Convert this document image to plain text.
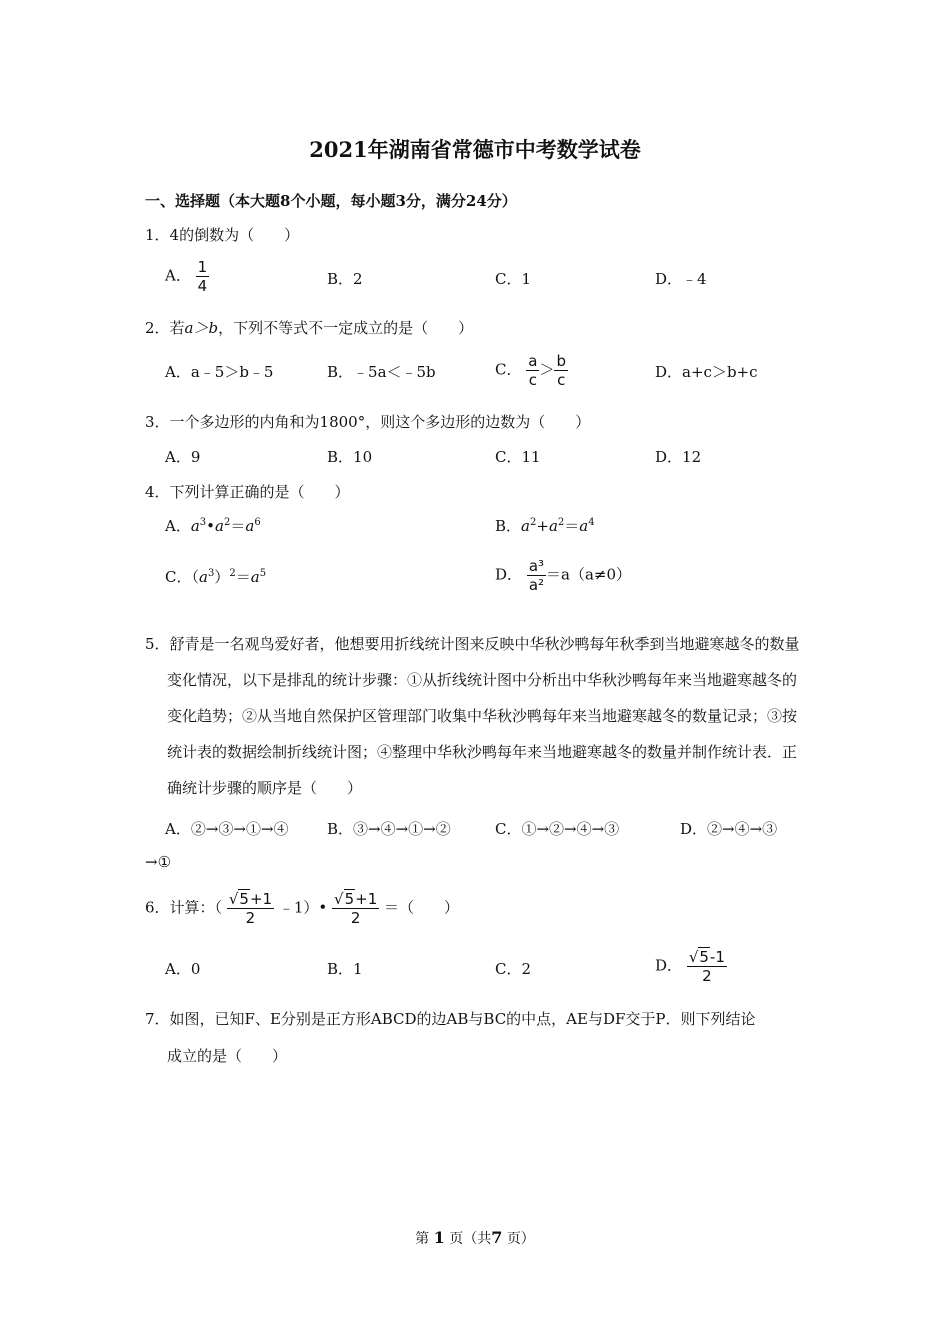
2021年湖南省常德市中考数学试卷
一、选择题（本大题8个小题，每小题3分，满分24分）
1．4的倒数为（　　）
A． $\frac{1}{4}$	B．2	C．1	D．﹣4
2．若a＞b，下列不等式不一定成立的是（　　）
A．a﹣5＞b﹣5	B．﹣5a＜﹣5b	C． $\frac{a}{c} > \frac{b}{c}$	D．a+c＞b+c
3．一个多边形的内角和为1800°，则这个多边形的边数为（　　）
A．9	B．10	C．11	D．12
4．下列计算正确的是（　　）
A．$a^3•a^2=a^6$	B．$a^2+a^2=a^4$
C．$(a^3)^2=a^5$	D． $\frac{\text{a³}}{\text{a²}} =a(a\ne 0)$
5．舒青是一名观鸟爱好者，他想要用折线统计图来反映中华秋沙鸭每年秋季到当地避寒越冬的数量变化情况，以下是排乱的统计步骤：①从折线统计图中分析出中华秋沙鸭每年来当地避寒越冬的变化趋势；②从当地自然保护区管理部门收集中华秋沙鸭每年来当地避寒越冬的数量记录；③按统计表的数据绘制折线统计图；④整理中华秋沙鸭每年来当地避寒越冬的数量并制作统计表．正确统计步骤的顺序是（　　）
A．②→③→①→④	B．③→④→①→②	C．①→②→④→③	D．②→④→③
→①
6．计算：（ $\frac{√5+1}{2}$ ﹣1）• $\frac{√5+1}{2}$ ＝（　　）
A．0	B．1	C．2	D． $\frac{√5-1}{2}$
7．如图，已知F、E分别是正方形ABCD的边AB与BC的中点，AE与DF交于P．则下列结论
成立的是（　　）
第 1 页（共7 页）
